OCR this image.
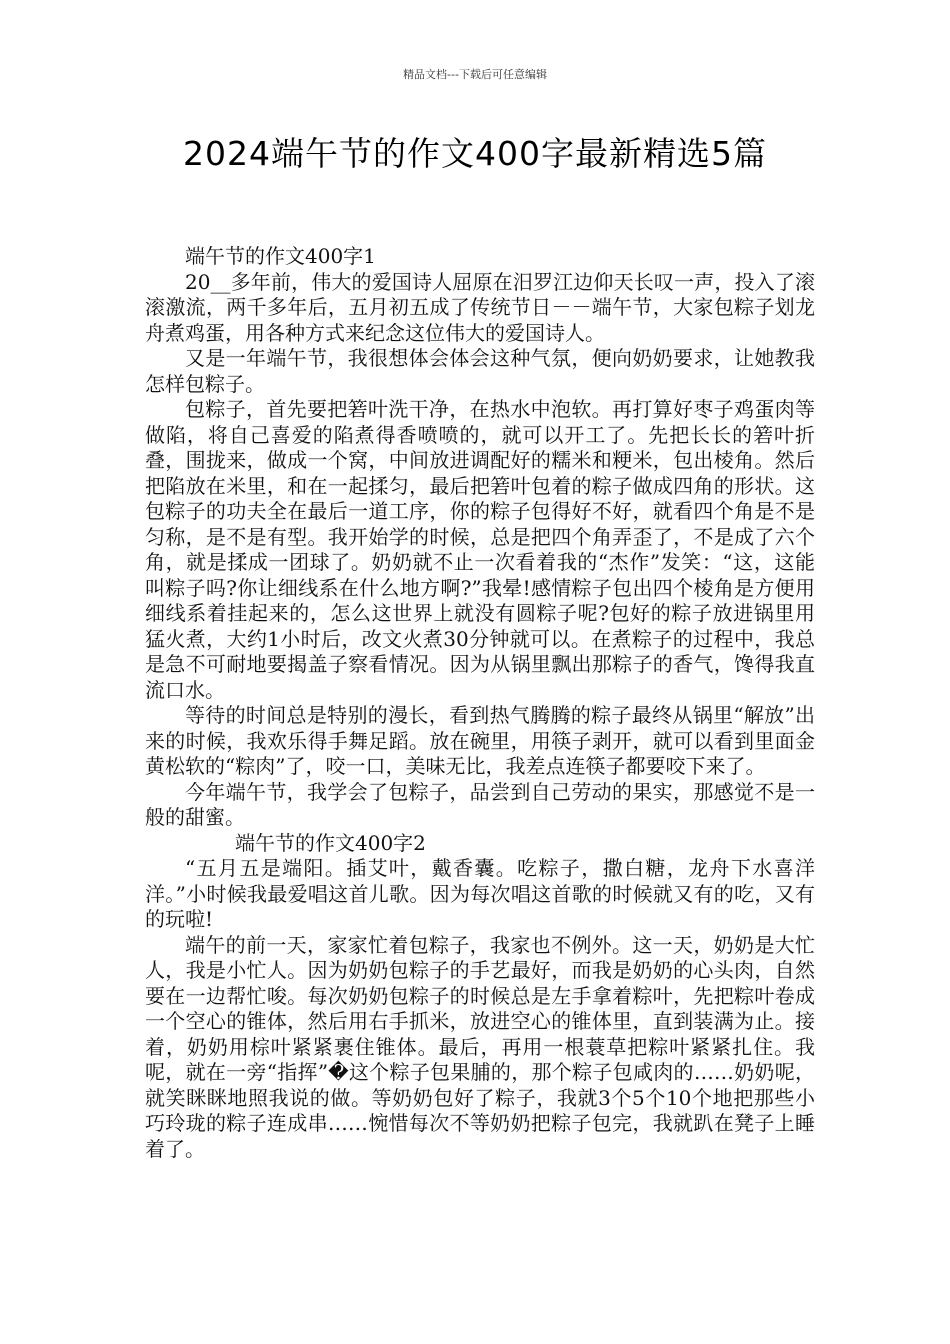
精品文档---下载后可任意编辑
2024端午节的作文400字最新精选5篇

端午节的作文400字1

20__多年前，伟大的爱国诗人屈原在汨罗江边仰天长叹一声，投入了滚滚激流，两千多年后，五月初五成了传统节日－－端午节，大家包粽子划龙舟煮鸡蛋，用各种方式来纪念这位伟大的爱国诗人。

又是一年端午节，我很想体会体会这种气氛，便向奶奶要求，让她教我怎样包粽子。

包粽子，首先要把箬叶洗干净，在热水中泡软。再打算好枣子鸡蛋肉等做陷，将自己喜爱的陷煮得香喷喷的，就可以开工了。先把长长的箬叶折叠，围拢来，做成一个窝，中间放进调配好的糯米和粳米，包出棱角。然后把陷放在米里，和在一起揉匀，最后把箬叶包着的粽子做成四角的形状。这包粽子的功夫全在最后一道工序，你的粽子包得好不好，就看四个角是不是匀称，是不是有型。我开始学的时候，总是把四个角弄歪了，不是成了六个角，就是揉成一团球了。奶奶就不止一次看着我的“杰作”发笑：“这，这能叫粽子吗?你让细线系在什么地方啊?”我晕!感情粽子包出四个棱角是方便用细线系着挂起来的，怎么这世界上就没有圆粽子呢?包好的粽子放进锅里用猛火煮，大约1小时后，改文火煮30分钟就可以。在煮粽子的过程中，我总是急不可耐地要揭盖子察看情况。因为从锅里飘出那粽子的香气，馋得我直流口水。

等待的时间总是特别的漫长，看到热气腾腾的粽子最终从锅里“解放”出来的时候，我欢乐得手舞足蹈。放在碗里，用筷子剥开，就可以看到里面金黄松软的“粽肉”了，咬一口，美味无比，我差点连筷子都要咬下来了。

今年端午节，我学会了包粽子，品尝到自己劳动的果实，那感觉不是一般的甜蜜。

端午节的作文400字2

“五月五是端阳。插艾叶，戴香囊。吃粽子，撒白糖，龙舟下水喜洋洋。”小时候我最爱唱这首儿歌。因为每次唱这首歌的时候就又有的吃，又有的玩啦!

端午的前一天，家家忙着包粽子，我家也不例外。这一天，奶奶是大忙人，我是小忙人。因为奶奶包粽子的手艺最好，而我是奶奶的心头肉，自然要在一边帮忙唆。每次奶奶包粽子的时候总是左手拿着粽叶，先把粽叶卷成一个空心的锥体，然后用右手抓米，放进空心的锥体里，直到装满为止。接着，奶奶用棕叶紧紧裹住锥体。最后，再用一根蓑草把粽叶紧紧扎住。我呢，就在一旁“指挥”�这个粽子包果脯的，那个粽子包咸肉的……奶奶呢，就笑眯眯地照我说的做。等奶奶包好了粽子，我就3个5个10个地把那些小巧玲珑的粽子连成串……惋惜每次不等奶奶把粽子包完，我就趴在凳子上睡着了。
